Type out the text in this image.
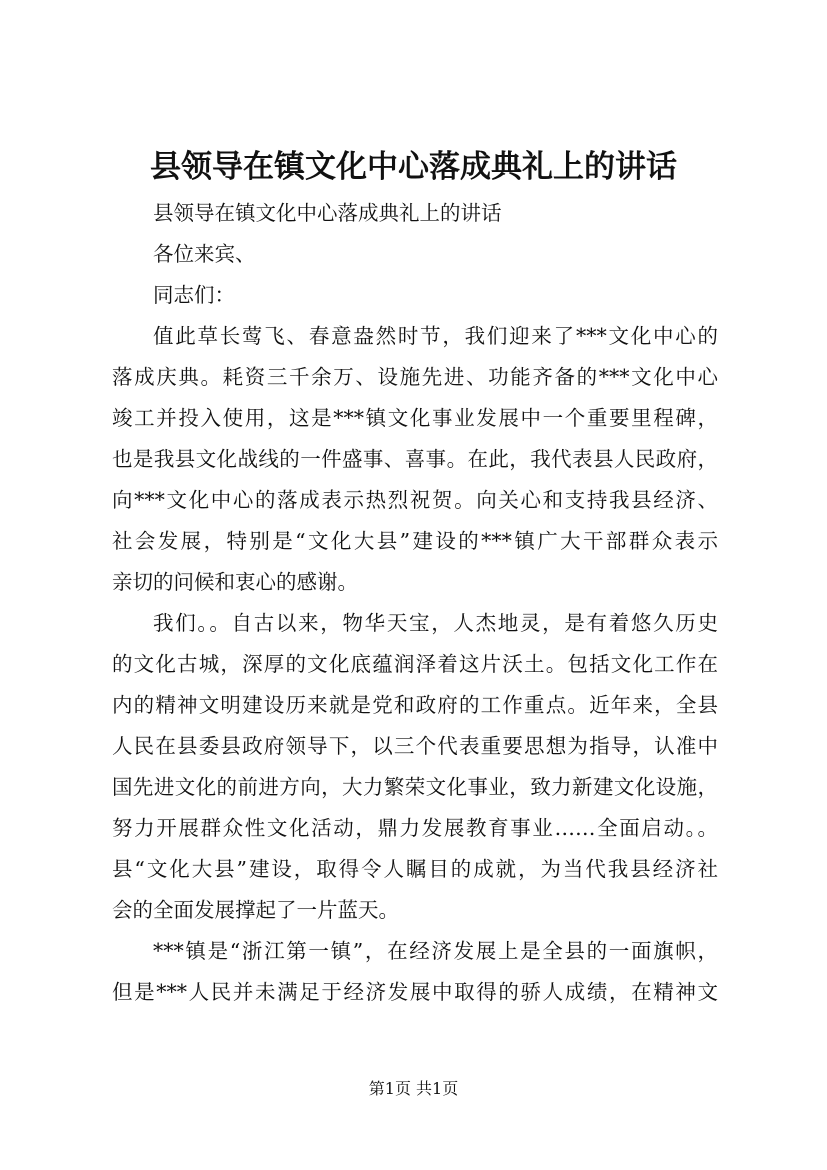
县领导在镇文化中心落成典礼上的讲话
县领导在镇文化中心落成典礼上的讲话
各位来宾、
同志们：
值此草长莺飞、春意盎然时节，我们迎来了***文化中心的
落成庆典。耗资三千余万、设施先进、功能齐备的***文化中心
竣工并投入使用，这是***镇文化事业发展中一个重要里程碑，
也是我县文化战线的一件盛事、喜事。在此，我代表县人民政府，
向***文化中心的落成表示热烈祝贺。向关心和支持我县经济、
社会发展，特别是“文化大县”建设的***镇广大干部群众表示
亲切的问候和衷心的感谢。
我们。。自古以来，物华天宝，人杰地灵，是有着悠久历史
的文化古城，深厚的文化底蕴润泽着这片沃土。包括文化工作在
内的精神文明建设历来就是党和政府的工作重点。近年来，全县
人民在县委县政府领导下，以三个代表重要思想为指导，认准中
国先进文化的前进方向，大力繁荣文化事业，致力新建文化设施，
努力开展群众性文化活动，鼎力发展教育事业……全面启动。。
县“文化大县”建设，取得令人瞩目的成就，为当代我县经济社
会的全面发展撑起了一片蓝天。
***镇是“浙江第一镇”，在经济发展上是全县的一面旗帜，
但是***人民并未满足于经济发展中取得的骄人成绩，在精神文
第1页 共1页
